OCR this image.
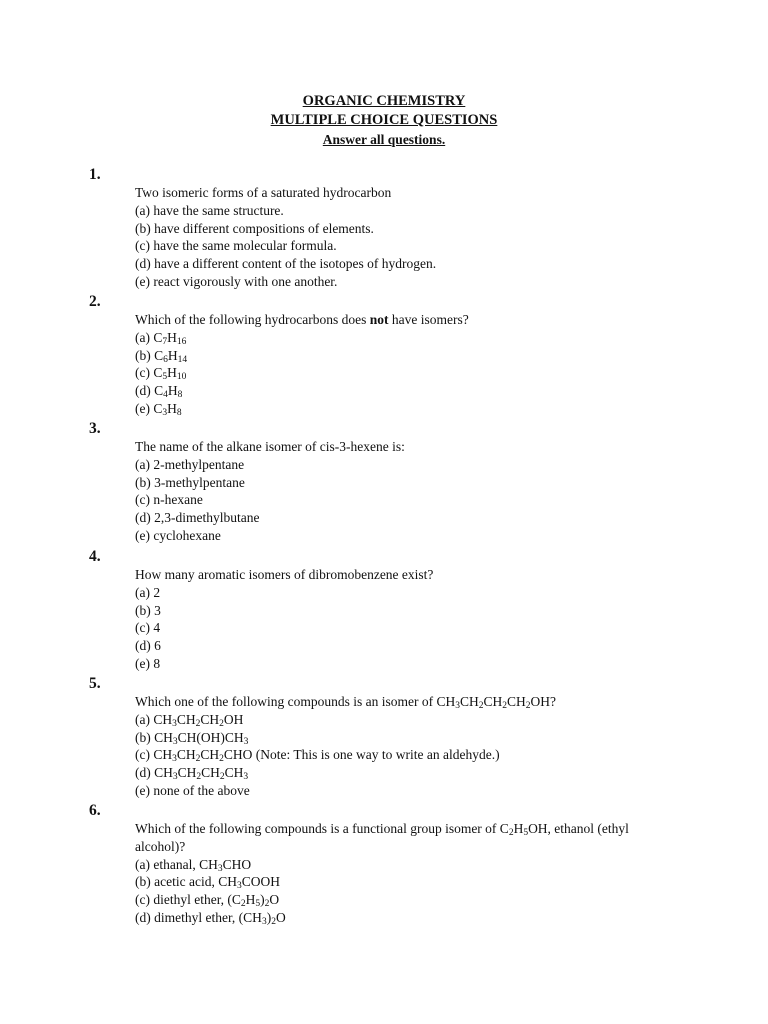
ORGANIC CHEMISTRY
MULTIPLE CHOICE QUESTIONS
Answer all questions.
1.
Two isomeric forms of a saturated hydrocarbon
(a) have the same structure.
(b) have different compositions of elements.
(c) have the same molecular formula.
(d) have a different content of the isotopes of hydrogen.
(e) react vigorously with one another.
2.
Which of the following hydrocarbons does not have isomers?
(a) $C_7H_{16}$
(b) $C_6H_{14}$
(c) $C_5H_{10}$
(d) $C_4H_8$
(e) $C_3H_8$
3.
The name of the alkane isomer of cis-3-hexene is:
(a) 2-methylpentane
(b) 3-methylpentane
(c) n-hexane
(d) 2,3-dimethylbutane
(e) cyclohexane
4.
How many aromatic isomers of dibromobenzene exist?
(a) 2
(b) 3
(c) 4
(d) 6
(e) 8
5.
Which one of the following compounds is an isomer of $CH_3CH_2CH_2CH_2OH$?
(a) $CH_3CH_2CH_2OH$
(b) $CH_3CH(OH)CH_3$
(c) $CH_3CH_2CH_2CHO$ (Note: This is one way to write an aldehyde.)
(d) $CH_3CH_2CH_2CH_3$
(e) none of the above
6.
Which of the following compounds is a functional group isomer of $C_2H_5OH$, ethanol (ethyl alcohol)?
(a) ethanal, $CH_3CHO$
(b) acetic acid, $CH_3COOH$
(c) diethyl ether, $(C_2H_5)_2O$
(d) dimethyl ether, $(CH_3)_2O$
